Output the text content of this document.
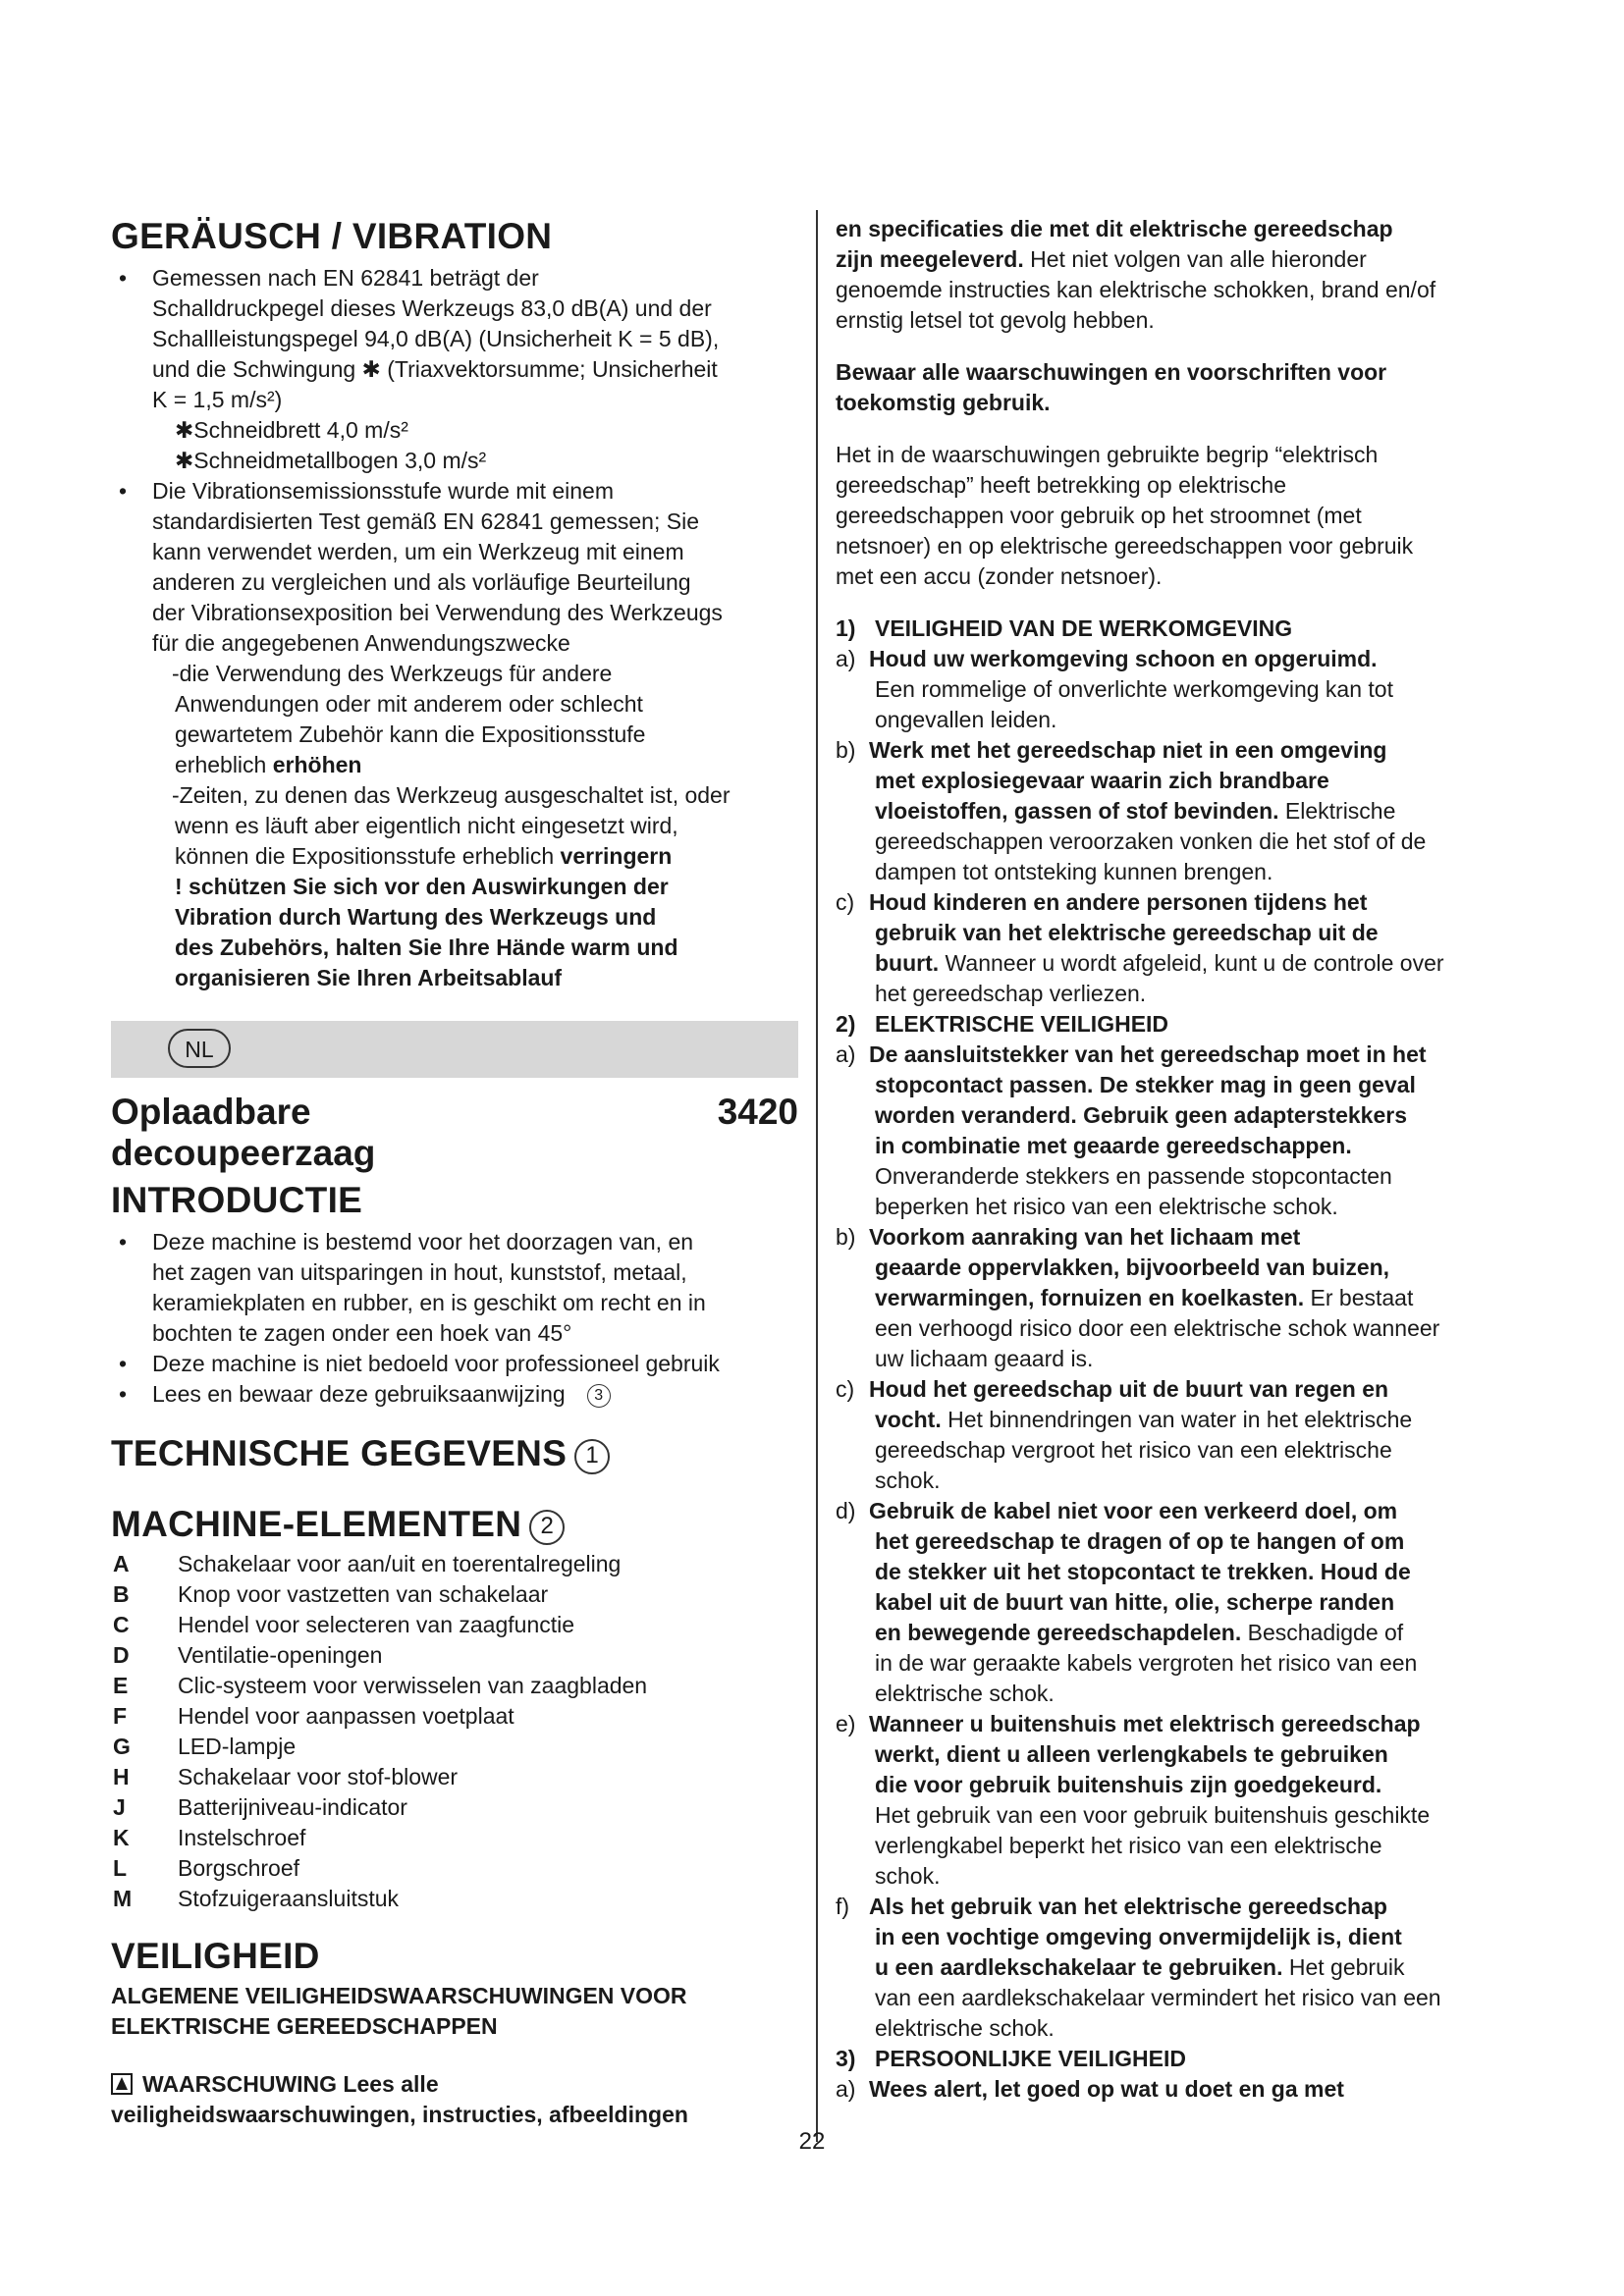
GERÄUSCH / VIBRATION

• Gemessen nach EN 62841 beträgt der
Schalldruckpegel dieses Werkzeugs 83,0 dB(A) und der
Schallleistungspegel 94,0 dB(A) (Unsicherheit K = 5 dB),
und die Schwingung ✱ (Triaxvektorsumme; Unsicherheit
K = 1,5 m/s²)
✱Schneidbrett 4,0 m/s²
✱Schneidmetallbogen 3,0 m/s²
• Die Vibrationsemissionsstufe wurde mit einem
standardisierten Test gemäß EN 62841 gemessen; Sie
kann verwendet werden, um ein Werkzeug mit einem
anderen zu vergleichen und als vorläufige Beurteilung
der Vibrationsexposition bei Verwendung des Werkzeugs
für die angegebenen Anwendungszwecke
-die Verwendung des Werkzeugs für andere
Anwendungen oder mit anderem oder schlecht
gewartetem Zubehör kann die Expositionsstufe
erheblich erhöhen
-Zeiten, zu denen das Werkzeug ausgeschaltet ist, oder
wenn es läuft aber eigentlich nicht eingesetzt wird,
können die Expositionsstufe erheblich verringern
! schützen Sie sich vor den Auswirkungen der
Vibration durch Wartung des Werkzeugs und
des Zubehörs, halten Sie Ihre Hände warm und
organisieren Sie Ihren Arbeitsablauf
NL
Oplaadbare
decoupeerzaag
3420

INTRODUCTIE

• Deze machine is bestemd voor het doorzagen van, en
het zagen van uitsparingen in hout, kunststof, metaal,
keramiekplaten en rubber, en is geschikt om recht en in
bochten te zagen onder een hoek van 45°
• Deze machine is niet bedoeld voor professioneel gebruik
• Lees en bewaar deze gebruiksaanwijzing 3

TECHNISCHE GEGEVENS 1

MACHINE-ELEMENTEN 2

A	Schakelaar voor aan/uit en toerentalregeling
B	Knop voor vastzetten van schakelaar
C	Hendel voor selecteren van zaagfunctie
D	Ventilatie-openingen
E	Clic-systeem voor verwisselen van zaagbladen
F	Hendel voor aanpassen voetplaat
G	LED-lampje
H	Schakelaar voor stof-blower
J	Batterijniveau-indicator
K	Instelschroef
L	Borgschroef
M	Stofzuigeraansluitstuk

VEILIGHEID

ALGEMENE VEILIGHEIDSWAARSCHUWINGEN VOOR
ELEKTRISCHE GEREEDSCHAPPEN
WAARSCHUWING Lees alle
veiligheidswaarschuwingen, instructies, afbeeldingen
en specificaties die met dit elektrische gereedschap
zijn meegeleverd. Het niet volgen van alle hieronder
genoemde instructies kan elektrische schokken, brand en/of
ernstig letsel tot gevolg hebben.
Bewaar alle waarschuwingen en voorschriften voor
toekomstig gebruik.
Het in de waarschuwingen gebruikte begrip “elektrisch
gereedschap” heeft betrekking op elektrische
gereedschappen voor gebruik op het stroomnet (met
netsnoer) en op elektrische gereedschappen voor gebruik
met een accu (zonder netsnoer).
1) VEILIGHEID VAN DE WERKOMGEVING
a) Houd uw werkomgeving schoon en opgeruimd.
Een rommelige of onverlichte werkomgeving kan tot
ongevallen leiden.
b) Werk met het gereedschap niet in een omgeving
met explosiegevaar waarin zich brandbare
vloeistoffen, gassen of stof bevinden. Elektrische
gereedschappen veroorzaken vonken die het stof of de
dampen tot ontsteking kunnen brengen.
c) Houd kinderen en andere personen tijdens het
gebruik van het elektrische gereedschap uit de
buurt. Wanneer u wordt afgeleid, kunt u de controle over
het gereedschap verliezen.
2) ELEKTRISCHE VEILIGHEID
a) De aansluitstekker van het gereedschap moet in het
stopcontact passen. De stekker mag in geen geval
worden veranderd. Gebruik geen adapterstekkers
in combinatie met geaarde gereedschappen.
Onveranderde stekkers en passende stopcontacten
beperken het risico van een elektrische schok.
b) Voorkom aanraking van het lichaam met
geaarde oppervlakken, bijvoorbeeld van buizen,
verwarmingen, fornuizen en koelkasten. Er bestaat
een verhoogd risico door een elektrische schok wanneer
uw lichaam geaard is.
c) Houd het gereedschap uit de buurt van regen en
vocht. Het binnendringen van water in het elektrische
gereedschap vergroot het risico van een elektrische
schok.
d) Gebruik de kabel niet voor een verkeerd doel, om
het gereedschap te dragen of op te hangen of om
de stekker uit het stopcontact te trekken. Houd de
kabel uit de buurt van hitte, olie, scherpe randen
en bewegende gereedschapdelen. Beschadigde of
in de war geraakte kabels vergroten het risico van een
elektrische schok.
e) Wanneer u buitenshuis met elektrisch gereedschap
werkt, dient u alleen verlengkabels te gebruiken
die voor gebruik buitenshuis zijn goedgekeurd.
Het gebruik van een voor gebruik buitenshuis geschikte
verlengkabel beperkt het risico van een elektrische
schok.
f) Als het gebruik van het elektrische gereedschap
in een vochtige omgeving onvermijdelijk is, dient
u een aardlekschakelaar te gebruiken. Het gebruik
van een aardlekschakelaar vermindert het risico van een
elektrische schok.
3) PERSOONLIJKE VEILIGHEID
a) Wees alert, let goed op wat u doet en ga met
22
